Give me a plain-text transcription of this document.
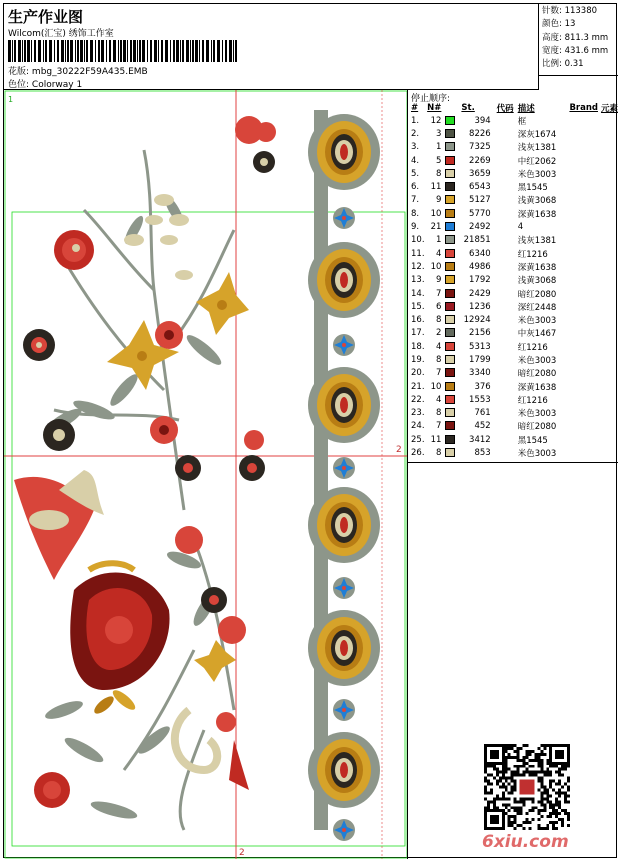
生产作业图
Wilcom(汇宝) 绣饰工作室
花版: mbg_30222F59A435.EMB
色位: Colorway 1
针数: 113380
颜色: 13
高度: 811.3 mm
宽度: 431.6 mm
比例: 0.31
1
2
2
停止顺序:
#	N#		St.	代码	描述	Brand	元素
1.	12		394		框		
2.	3		8226		深灰1674		
3.	1		7325		浅灰1381		
4.	5		2269		中红2062		
5.	8		3659		米色3003		
6.	11		6543		黑1545		
7.	9		5127		浅黄3068		
8.	10		5770		深黄1638		
9.	21		2492		4		
10.	1		21851		浅灰1381		
11.	4		6340		红1216		
12.	10		4986		深黄1638		
13.	9		1792		浅黄3068		
14.	7		2429		暗红2080		
15.	6		1236		深红2448		
16.	8		12924		米色3003		
17.	2		2156		中灰1467		
18.	4		5313		红1216		
19.	8		1799		米色3003		
20.	7		3340		暗红2080		
21.	10		376		深黄1638		
22.	4		1553		红1216		
23.	8		761		米色3003		
24.	7		452		暗红2080		
25.	11		3412		黑1545		
26.	8		853		米色3003		
6xiu.com
